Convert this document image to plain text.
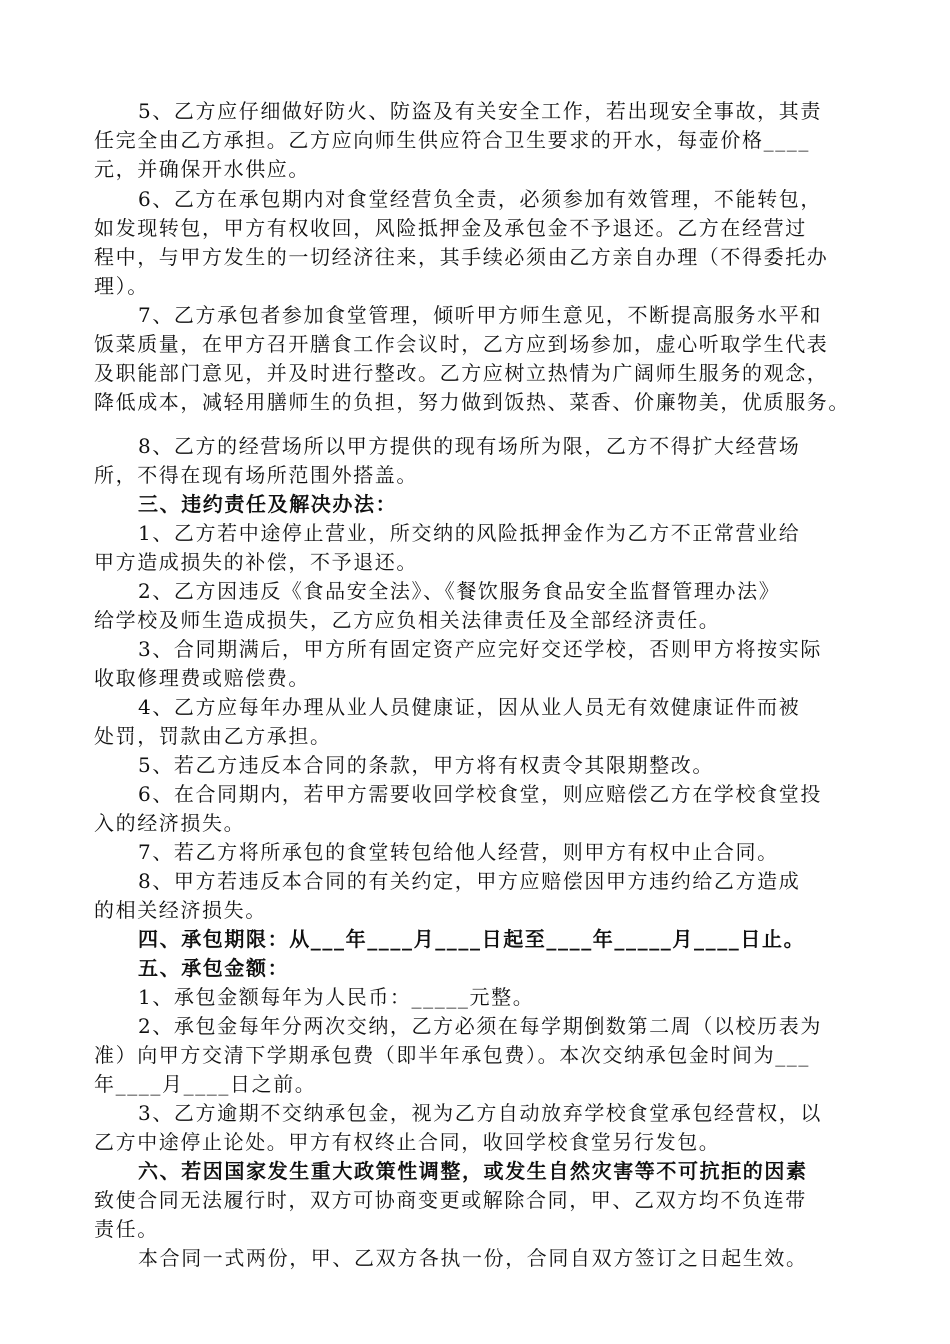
5、乙方应仔细做好防火、防盗及有关安全工作，若出现安全事故，其责
任完全由乙方承担。乙方应向师生供应符合卫生要求的开水，每壶价格____
元，并确保开水供应。
6、乙方在承包期内对食堂经营负全责，必须参加有效管理，不能转包，
如发现转包，甲方有权收回，风险抵押金及承包金不予退还。乙方在经营过
程中，与甲方发生的一切经济往来，其手续必须由乙方亲自办理（不得委托办
理）。
7、乙方承包者参加食堂管理，倾听甲方师生意见，不断提高服务水平和
饭菜质量，在甲方召开膳食工作会议时，乙方应到场参加，虚心听取学生代表
及职能部门意见，并及时进行整改。乙方应树立热情为广阔师生服务的观念，
降低成本，减轻用膳师生的负担，努力做到饭热、菜香、价廉物美，优质服务。
8、乙方的经营场所以甲方提供的现有场所为限，乙方不得扩大经营场
所，不得在现有场所范围外搭盖。
三、违约责任及解决办法：
1、乙方若中途停止营业，所交纳的风险抵押金作为乙方不正常营业给
甲方造成损失的补偿，不予退还。
2、乙方因违反《食品安全法》、《餐饮服务食品安全监督管理办法》
给学校及师生造成损失，乙方应负相关法律责任及全部经济责任。
3、合同期满后，甲方所有固定资产应完好交还学校，否则甲方将按实际
收取修理费或赔偿费。
4、乙方应每年办理从业人员健康证，因从业人员无有效健康证件而被
处罚，罚款由乙方承担。
5、若乙方违反本合同的条款，甲方将有权责令其限期整改。
6、在合同期内，若甲方需要收回学校食堂，则应赔偿乙方在学校食堂投
入的经济损失。
7、若乙方将所承包的食堂转包给他人经营，则甲方有权中止合同。
8、甲方若违反本合同的有关约定，甲方应赔偿因甲方违约给乙方造成
的相关经济损失。
四、承包期限：从___年____月____日起至____年_____月____日止。
五、承包金额：
1、承包金额每年为人民币：_____元整。
2、承包金每年分两次交纳，乙方必须在每学期倒数第二周（以校历表为
准）向甲方交清下学期承包费（即半年承包费）。本次交纳承包金时间为___
年____月____日之前。
3、乙方逾期不交纳承包金，视为乙方自动放弃学校食堂承包经营权，以
乙方中途停止论处。甲方有权终止合同，收回学校食堂另行发包。
六、若因国家发生重大政策性调整，或发生自然灾害等不可抗拒的因素
致使合同无法履行时，双方可协商变更或解除合同，甲、乙双方均不负连带
责任。
本合同一式两份，甲、乙双方各执一份，合同自双方签订之日起生效。
